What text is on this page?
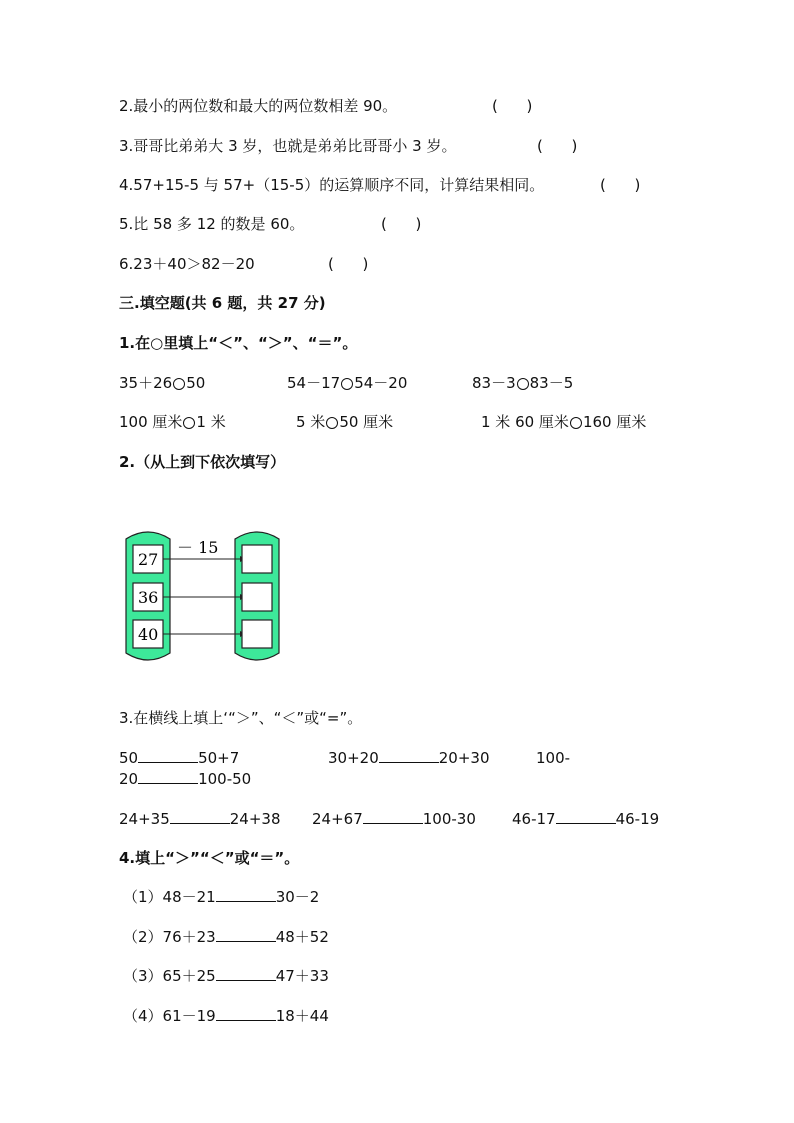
2.最小的两位数和最大的两位数相差 90。	(      )
3.哥哥比弟弟大 3 岁，也就是弟弟比哥哥小 3 岁。	(      )
4.57+15-5 与 57+（15-5）的运算顺序不同，计算结果相同。	(      )
5.比 58 多 12 的数是 60。	(      )
6.23＋40＞82－20	(      )
三.填空题(共 6 题，共 27 分)
1.在○里填上“＜”、“＞”、“＝”。
35＋26 50	54－17 54－20	83－3 83－5
100 厘米 1 米	5 米 50 厘米	1 米 60 厘米 160 厘米
2.（从上到下依次填写）
－ 15
27
36
40
3.在横线上填上‘“＞”、“＜”或“=”。
50	50+7	30+20	20+30	100-
20	100-50
24+35	24+38 24+67	100-30 46-17	46-19
4.填上“＞”“＜”或“＝”。
（1）48－21	30－2
（2）76＋23	48＋52
（3）65＋25	47＋33
（4）61－19	18＋44
